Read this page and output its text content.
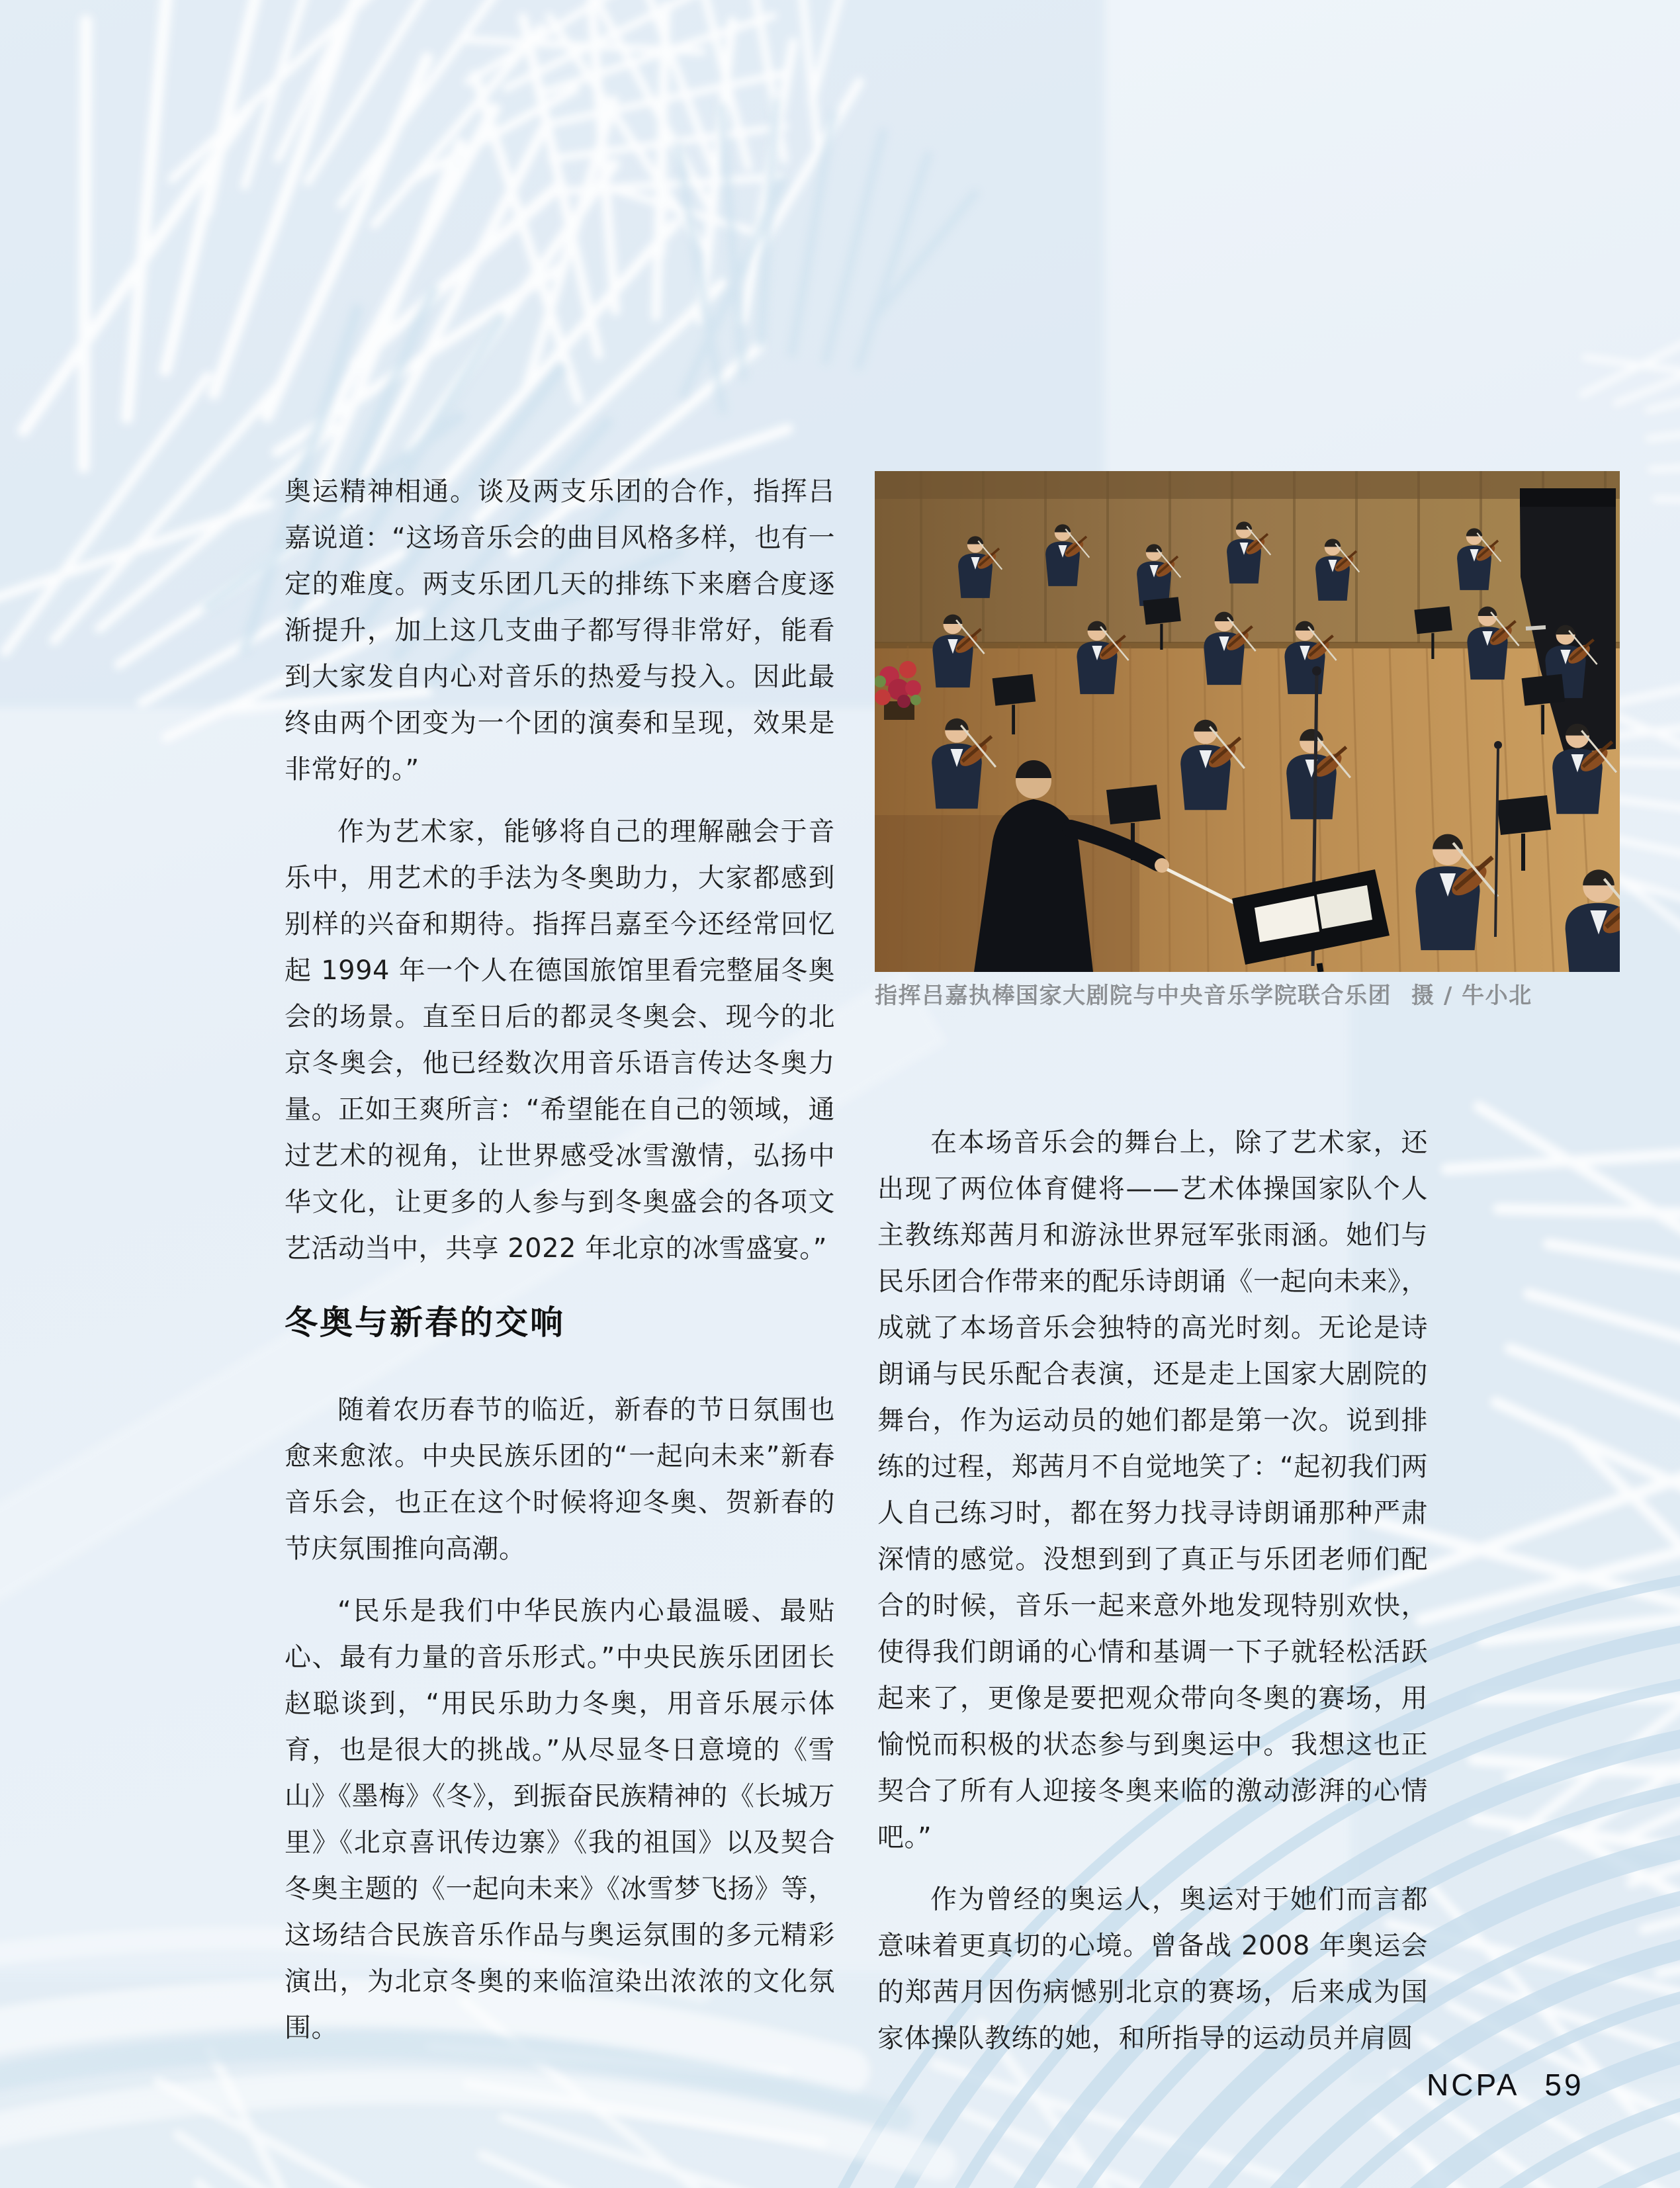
奥运精神相通。谈及两支乐团的合作，指挥吕嘉说道：“这场音乐会的曲目风格多样，也有一定的难度。两支乐团几天的排练下来磨合度逐渐提升，加上这几支曲子都写得非常好，能看到大家发自内心对音乐的热爱与投入。因此最终由两个团变为一个团的演奏和呈现，效果是非常好的。”

作为艺术家，能够将自己的理解融会于音乐中，用艺术的手法为冬奥助力，大家都感到别样的兴奋和期待。指挥吕嘉至今还经常回忆起 1994 年一个人在德国旅馆里看完整届冬奥会的场景。直至日后的都灵冬奥会、现今的北京冬奥会，他已经数次用音乐语言传达冬奥力量。正如王爽所言：“希望能在自己的领域，通过艺术的视角，让世界感受冰雪激情，弘扬中华文化，让更多的人参与到冬奥盛会的各项文艺活动当中，共享 2022 年北京的冰雪盛宴。”

冬奥与新春的交响

随着农历春节的临近，新春的节日氛围也愈来愈浓。中央民族乐团的“一起向未来”新春音乐会，也正在这个时候将迎冬奥、贺新春的节庆氛围推向高潮。

“民乐是我们中华民族内心最温暖、最贴心、最有力量的音乐形式。”中央民族乐团团长赵聪谈到，“用民乐助力冬奥，用音乐展示体育，也是很大的挑战。”从尽显冬日意境的《雪山》《墨梅》《冬》，到振奋民族精神的《长城万里》《北京喜讯传边寨》《我的祖国》以及契合冬奥主题的《一起向未来》《冰雪梦飞扬》等，这场结合民族音乐作品与奥运氛围的多元精彩演出，为北京冬奥的来临渲染出浓浓的文化氛围。

指挥吕嘉执棒国家大剧院与中央音乐学院联合乐团 摄 / 牛小北

在本场音乐会的舞台上，除了艺术家，还出现了两位体育健将——艺术体操国家队个人主教练郑茜月和游泳世界冠军张雨涵。她们与民乐团合作带来的配乐诗朗诵《一起向未来》，成就了本场音乐会独特的高光时刻。无论是诗朗诵与民乐配合表演，还是走上国家大剧院的舞台，作为运动员的她们都是第一次。说到排练的过程，郑茜月不自觉地笑了：“起初我们两人自己练习时，都在努力找寻诗朗诵那种严肃深情的感觉。没想到到了真正与乐团老师们配合的时候，音乐一起来意外地发现特别欢快，使得我们朗诵的心情和基调一下子就轻松活跃起来了，更像是要把观众带向冬奥的赛场，用愉悦而积极的状态参与到奥运中。我想这也正契合了所有人迎接冬奥来临的激动澎湃的心情吧。”

作为曾经的奥运人，奥运对于她们而言都意味着更真切的心境。曾备战 2008 年奥运会的郑茜月因伤病憾别北京的赛场，后来成为国家体操队教练的她，和所指导的运动员并肩圆

NCPA 59
